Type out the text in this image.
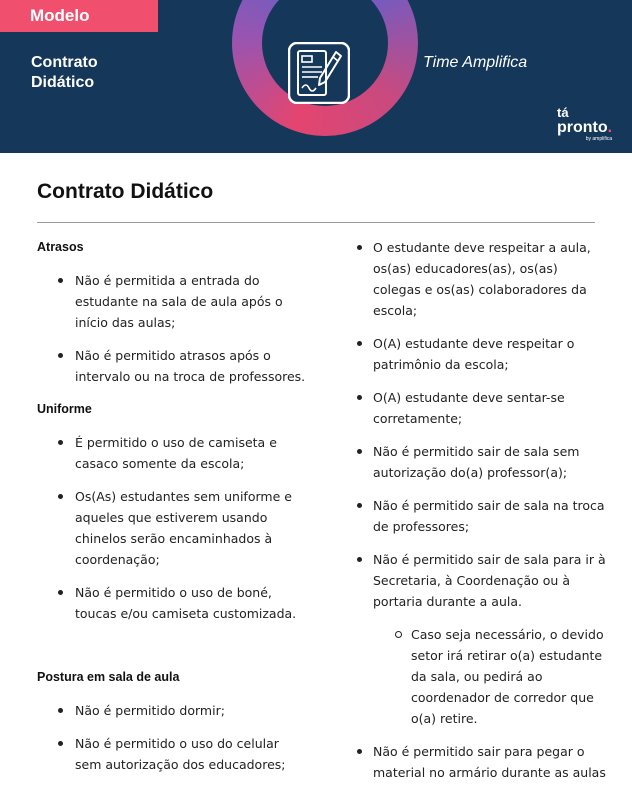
Modelo
Contrato Didático
Time Amplifica
tá
pronto.
by amplifica
Contrato Didático
Atrasos
Não é permitida a entrada do estudante na sala de aula após o início das aulas;
Não é permitido atrasos após o intervalo ou na troca de professores.
Uniforme
É permitido o uso de camiseta e casaco somente da escola;
Os(As) estudantes sem uniforme e aqueles que estiverem usando chinelos serão encaminhados à coordenação;
Não é permitido o uso de boné, toucas e/ou camiseta customizada.
Postura em sala de aula
Não é permitido dormir;
Não é permitido o uso do celular sem autorização dos educadores;
O estudante deve respeitar a aula, os(as) educadores(as), os(as) colegas e os(as) colaboradores da escola;
O(A) estudante deve respeitar o patrimônio da escola;
O(A) estudante deve sentar-se corretamente;
Não é permitido sair de sala sem autorização do(a) professor(a);
Não é permitido sair de sala na troca de professores;
Não é permitido sair de sala para ir à Secretaria, à Coordenação ou à portaria durante a aula.
Caso seja necessário, o devido setor irá retirar o(a) estudante da sala, ou pedirá ao coordenador de corredor que o(a) retire.
Não é permitido sair para pegar o material no armário durante as aulas
